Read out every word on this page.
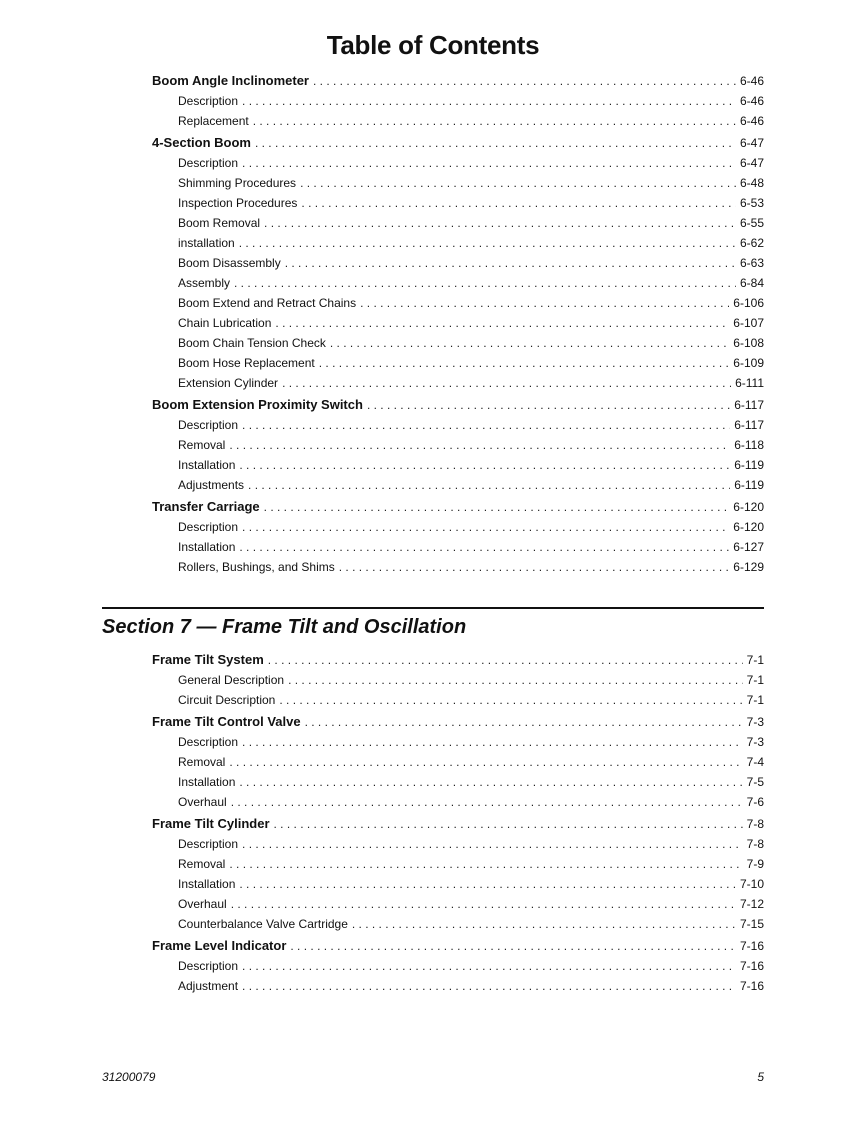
Table of Contents
Boom Angle Inclinometer . . .	6-46
Description . . .	6-46
Replacement . . .	6-46
4-Section Boom . . .	6-47
Description . . .	6-47
Shimming Procedures . . .	6-48
Inspection Procedures . . .	6-53
Boom Removal . . .	6-55
installation . . .	6-62
Boom Disassembly . . .	6-63
Assembly . . .	6-84
Boom Extend and Retract Chains . . .	6-106
Chain Lubrication . . .	6-107
Boom Chain Tension Check . . .	6-108
Boom Hose Replacement . . .	6-109
Extension Cylinder . . .	6-111
Boom Extension Proximity Switch . . .	6-117
Description . . .	6-117
Removal . . .	6-118
Installation . . .	6-119
Adjustments . . .	6-119
Transfer Carriage . . .	6-120
Description . . .	6-120
Installation . . .	6-127
Rollers, Bushings, and Shims . . .	6-129
Section 7 — Frame Tilt and Oscillation
Frame Tilt System . . .	7-1
General Description . . .	7-1
Circuit Description . . .	7-1
Frame Tilt Control Valve . . .	7-3
Description . . .	7-3
Removal . . .	7-4
Installation . . .	7-5
Overhaul . . .	7-6
Frame Tilt Cylinder . . .	7-8
Description . . .	7-8
Removal . . .	7-9
Installation . . .	7-10
Overhaul . . .	7-12
Counterbalance Valve Cartridge . . .	7-15
Frame Level Indicator . . .	7-16
Description . . .	7-16
Adjustment . . .	7-16
31200079	5
